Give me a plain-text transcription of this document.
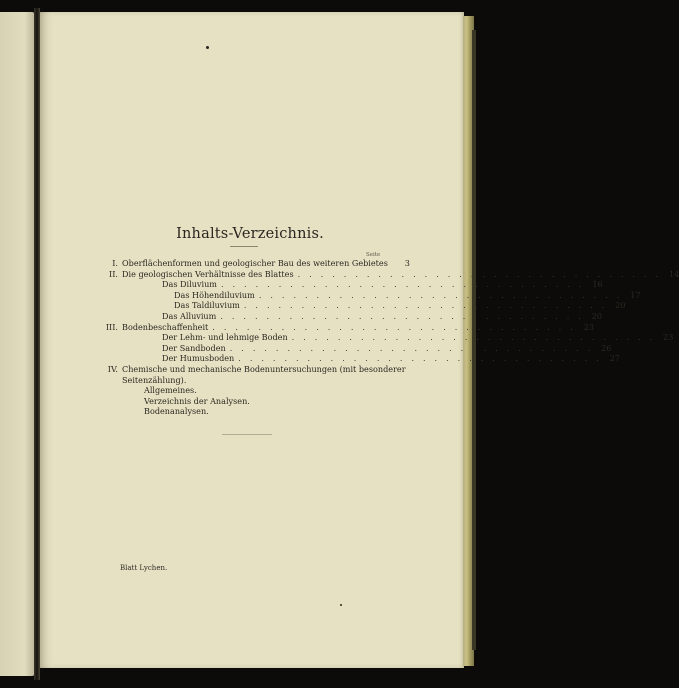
Inhalts-Verzeichnis.
Seite
I. Oberflächenformen und geologischer Bau des weiteren Gebietes	3
II. Die geologischen Verhältnisse des Blattes . . . . . . . . . . . . . . . . . . . . . . . . . . . . . . . . 14
Das Diluvium . . . . . . . . . . . . . . . . . . . . . . . . . . . . . . . . 16
Das Höhendiluvium . . . . . . . . . . . . . . . . . . . . . . . . . . . . . . . . 17
Das Taldiluvium . . . . . . . . . . . . . . . . . . . . . . . . . . . . . . . . 20
Das Alluvium . . . . . . . . . . . . . . . . . . . . . . . . . . . . . . . . 20
III. Bodenbeschaffenheit . . . . . . . . . . . . . . . . . . . . . . . . . . . . . . . . 23
Der Lehm- und lehmige Boden . . . . . . . . . . . . . . . . . . . . . . . . . . . . . . . . 23
Der Sandboden . . . . . . . . . . . . . . . . . . . . . . . . . . . . . . . . 26
Der Humusboden . . . . . . . . . . . . . . . . . . . . . . . . . . . . . . . . 27
IV. Chemische und mechanische Bodenuntersuchungen (mit besonderer
Seitenzählung).
Allgemeines.
Verzeichnis der Analysen.
Bodenanalysen.
Blatt Lychen.
